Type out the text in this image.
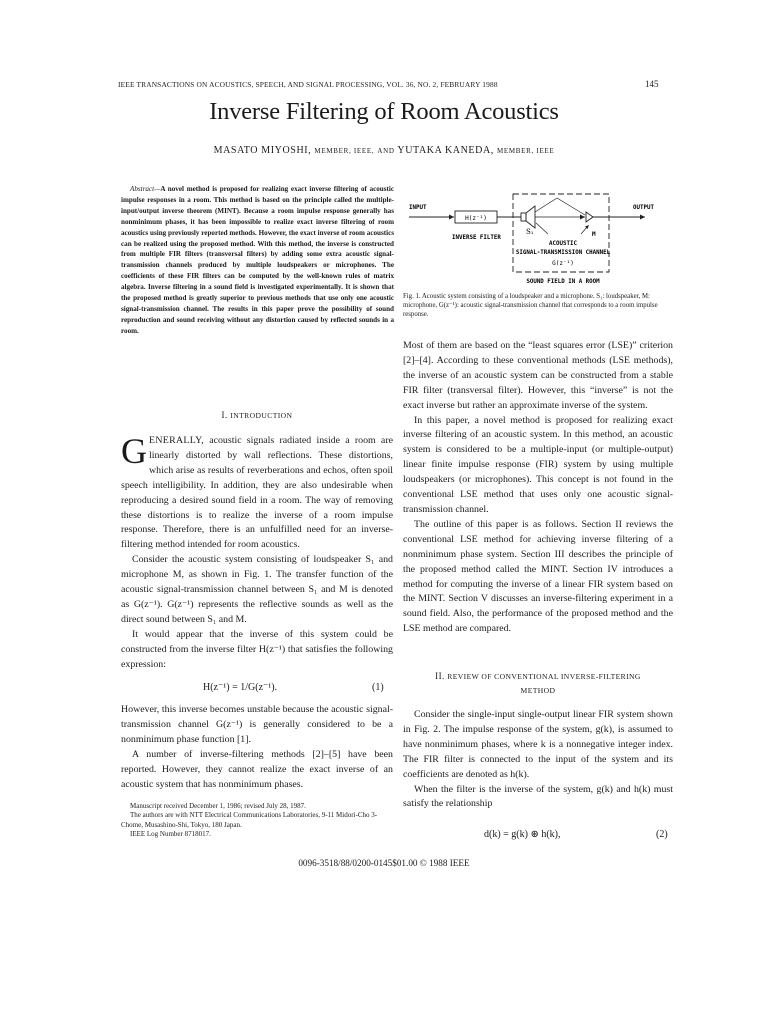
IEEE TRANSACTIONS ON ACOUSTICS, SPEECH, AND SIGNAL PROCESSING, VOL. 36, NO. 2, FEBRUARY 1988	145
Inverse Filtering of Room Acoustics
MASATO MIYOSHI, MEMBER, IEEE, AND YUTAKA KANEDA, MEMBER, IEEE
Abstract—A novel method is proposed for realizing exact inverse filtering of acoustic impulse responses in a room. This method is based on the principle called the multiple-input/output inverse theorem (MINT). Because a room impulse response generally has nonminimum phases, it has been impossible to realize exact inverse filtering of room acoustics using previously reported methods. However, the exact inverse of room acoustics can be realized using the proposed method. With this method, the inverse is constructed from multiple FIR filters (transversal filters) by adding some extra acoustic signal-transmission channels produced by multiple loudspeakers or microphones. The coefficients of these FIR filters can be computed by the well-known rules of matrix algebra. Inverse filtering in a sound field is investigated experimentally. It is shown that the proposed method is greatly superior to previous methods that use only one acoustic signal-transmission channel. The results in this paper prove the possibility of sound reproduction and sound receiving without any distortion caused by reflected sounds in a room.
I. INTRODUCTION

GENERALLY, acoustic signals radiated inside a room are linearly distorted by wall reflections. These distortions, which arise as results of reverberations and echos, often spoil speech intelligibility. In addition, they are also undesirable when reproducing a desired sound field in a room. The way of removing these distortions is to realize the inverse of a room impulse response. Therefore, there is an unfulfilled need for an inverse-filtering method intended for room acoustics.

Consider the acoustic system consisting of loudspeaker S₁ and microphone M, as shown in Fig. 1. The transfer function of the acoustic signal-transmission channel between S₁ and M is denoted as G(z⁻¹). G(z⁻¹) represents the reflective sounds as well as the direct sound between S₁ and M.

It would appear that the inverse of this system could be constructed from the inverse filter H(z⁻¹) that satisfies the following expression:

H(z⁻¹) = 1/G(z⁻¹).	(1)

However, this inverse becomes unstable because the acoustic signal-transmission channel G(z⁻¹) is generally considered to be a nonminimum phase function [1].

A number of inverse-filtering methods [2]–[5] have been reported. However, they cannot realize the exact inverse of an acoustic system that has nonminimum phases.

Manuscript received December 1, 1986; revised July 28, 1987.

The authors are with NTT Electrical Communications Laboratories, 9-11 Midori-Cho 3-Chome, Musashino-Shi, Tokyo, 180 Japan.

IEEE Log Number 8718017.

H(z⁻¹)
INPUT	OUTPUT
INVERSE FILTER
S₁	M
ACOUSTIC
SIGNAL-TRANSMISSION CHANNEL
G(z⁻¹)
SOUND FIELD IN A ROOM
Fig. 1. Acoustic system consisting of a loudspeaker and a microphone. S₁: loudspeaker, M: microphone, G(z⁻¹): acoustic signal-transmission channel that corresponds to a room impulse response.

Most of them are based on the “least squares error (LSE)” criterion [2]–[4]. According to these conventional methods (LSE methods), the inverse of an acoustic system can be constructed from a stable FIR filter (transversal filter). However, this “inverse” is not the exact inverse but rather an approximate inverse of the system.

In this paper, a novel method is proposed for realizing exact inverse filtering of an acoustic system. In this method, an acoustic system is considered to be a multiple-input (or multiple-output) linear finite impulse response (FIR) system by using multiple loudspeakers (or microphones). This concept is not found in the conventional LSE method that uses only one acoustic signal-transmission channel.

The outline of this paper is as follows. Section II reviews the conventional LSE method for achieving inverse filtering of a nonminimum phase system. Section III describes the principle of the proposed method called the MINT. Section IV introduces a method for computing the inverse of a linear FIR system based on the MINT. Section V discusses an inverse-filtering experiment in a sound field. Also, the performance of the proposed method and the LSE method are compared.

II. REVIEW OF CONVENTIONAL INVERSE-FILTERING
METHOD

Consider the single-input single-output linear FIR system shown in Fig. 2. The impulse response of the system, g(k), is assumed to have nonminimum phases, where k is a nonnegative integer index. The FIR filter is connected to the input of the system and its coefficients are denoted as h(k).

When the filter is the inverse of the system, g(k) and h(k) must satisfy the relationship

d(k) = g(k) ⊛ h(k),	(2)
0096-3518/88/0200-0145$01.00 © 1988 IEEE
